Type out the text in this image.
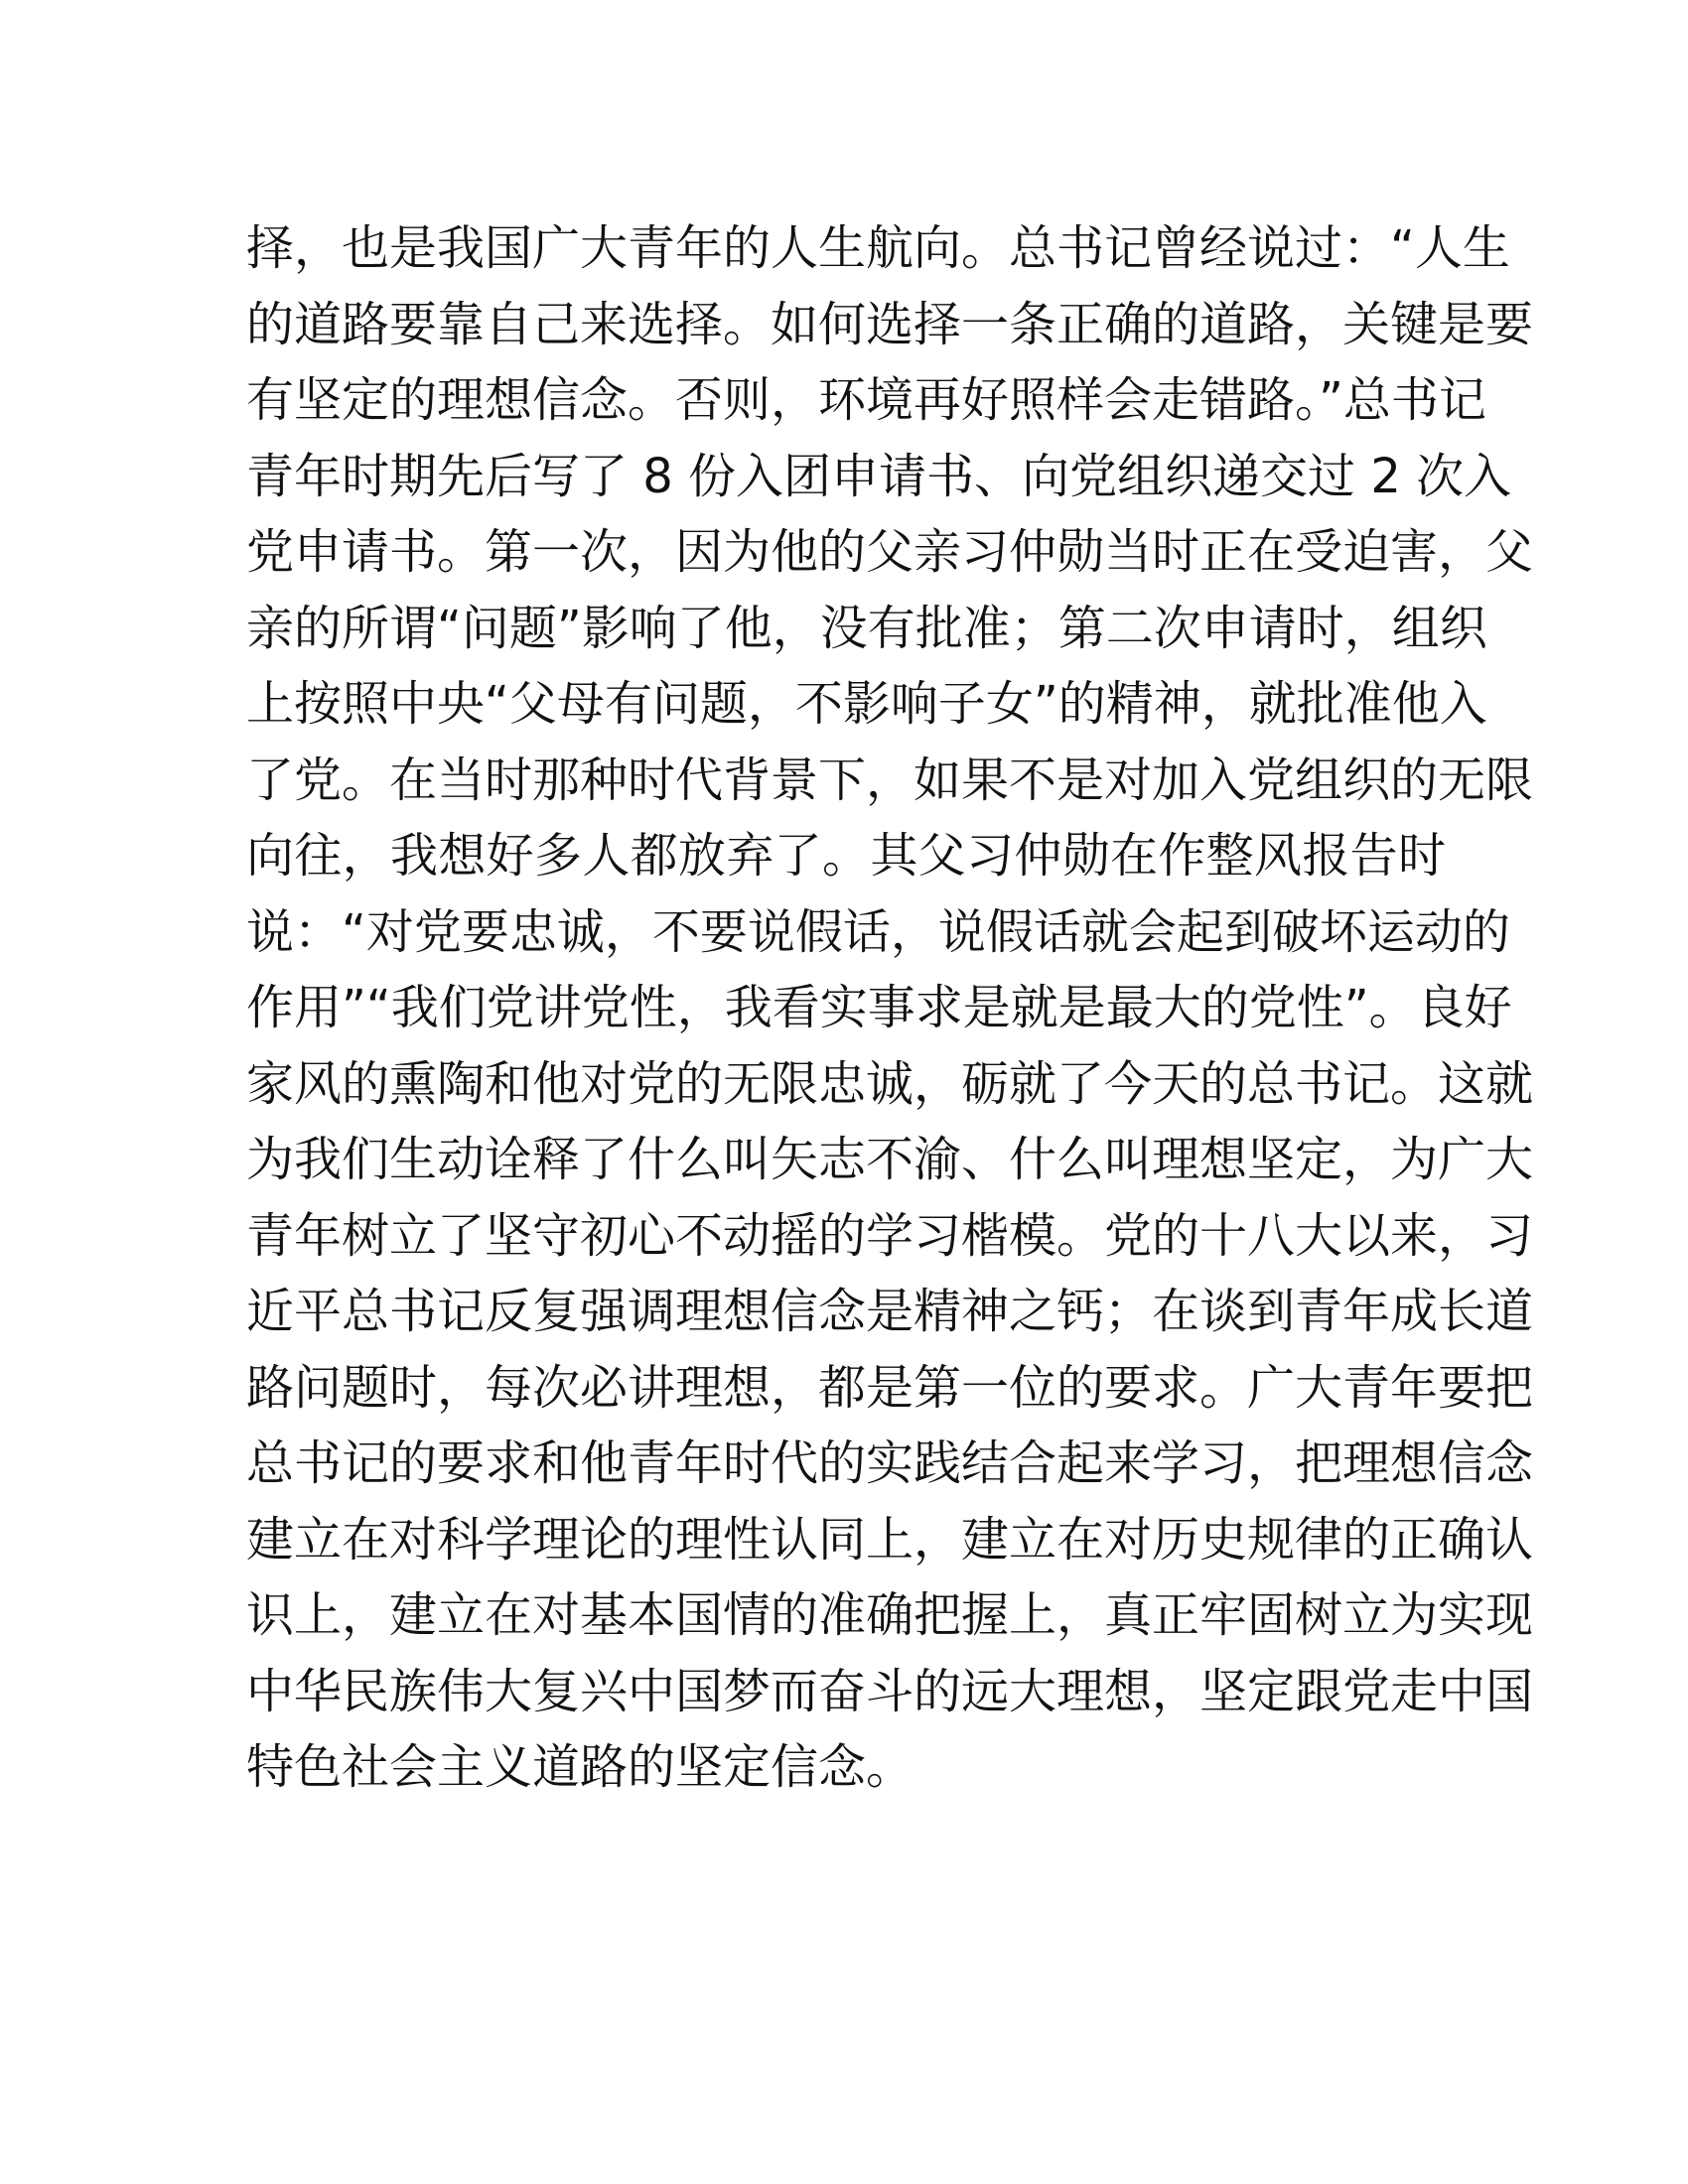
择，也是我国广大青年的人生航向。总书记曾经说过：“人生
的道路要靠自己来选择。如何选择一条正确的道路，关键是要
有坚定的理想信念。否则，环境再好照样会走错路。”总书记
青年时期先后写了 8 份入团申请书、向党组织递交过 2 次入
党申请书。第一次，因为他的父亲习仲勋当时正在受迫害，父
亲的所谓“问题”影响了他，没有批准；第二次申请时，组织
上按照中央“父母有问题，不影响子女”的精神，就批准他入
了党。在当时那种时代背景下，如果不是对加入党组织的无限
向往，我想好多人都放弃了。其父习仲勋在作整风报告时
说：“对党要忠诚，不要说假话，说假话就会起到破坏运动的
作用”“我们党讲党性，我看实事求是就是最大的党性”。良好
家风的熏陶和他对党的无限忠诚，砺就了今天的总书记。这就
为我们生动诠释了什么叫矢志不渝、什么叫理想坚定，为广大
青年树立了坚守初心不动摇的学习楷模。党的十八大以来，习
近平总书记反复强调理想信念是精神之钙；在谈到青年成长道
路问题时，每次必讲理想，都是第一位的要求。广大青年要把
总书记的要求和他青年时代的实践结合起来学习，把理想信念
建立在对科学理论的理性认同上，建立在对历史规律的正确认
识上，建立在对基本国情的准确把握上，真正牢固树立为实现
中华民族伟大复兴中国梦而奋斗的远大理想，坚定跟党走中国
特色社会主义道路的坚定信念。
